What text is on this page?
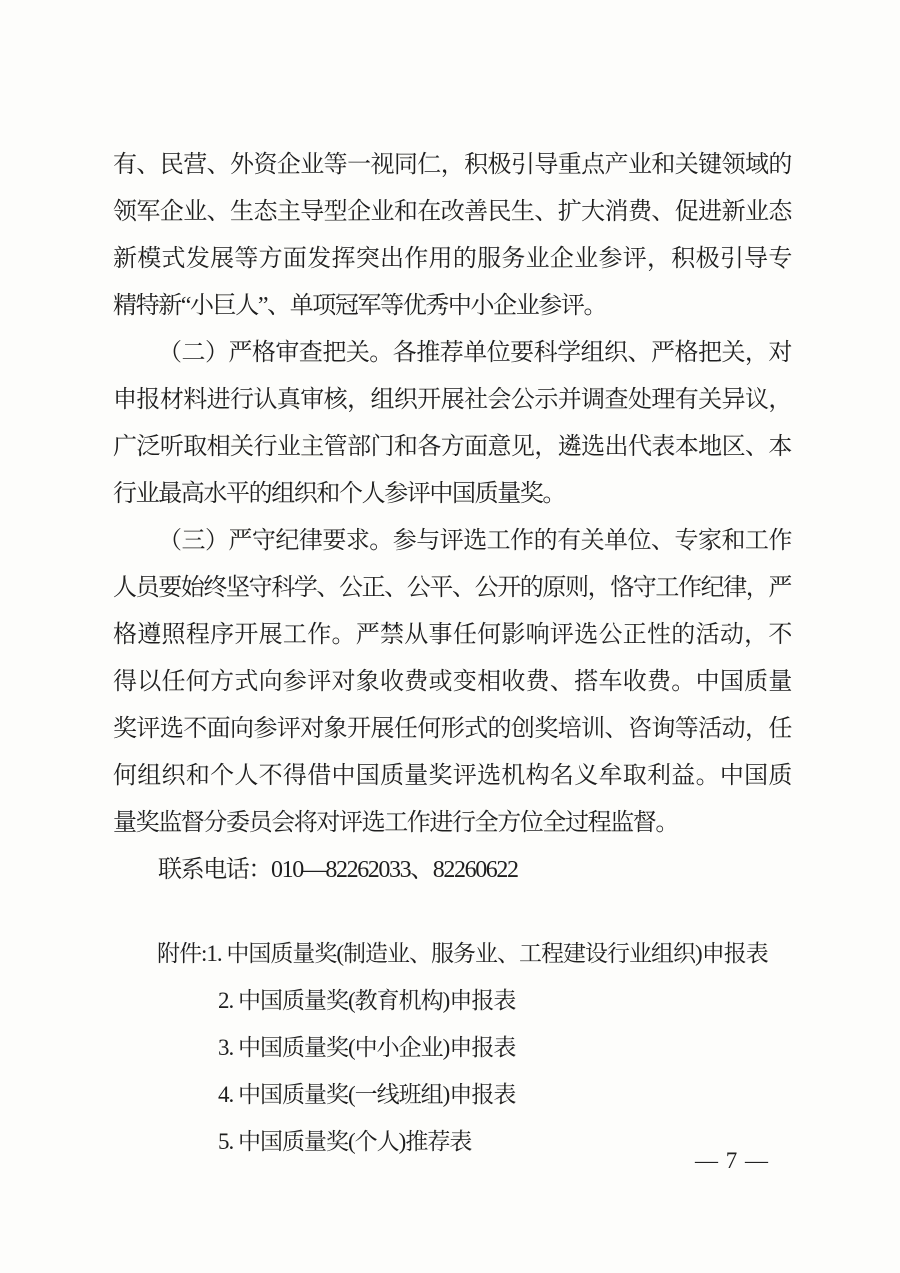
有、民营、外资企业等一视同仁，积极引导重点产业和关键领域的
领军企业、生态主导型企业和在改善民生、扩大消费、促进新业态
新模式发展等方面发挥突出作用的服务业企业参评，积极引导专
精特新“小巨人”、单项冠军等优秀中小企业参评。
（二）严格审查把关。各推荐单位要科学组织、严格把关，对
申报材料进行认真审核，组织开展社会公示并调查处理有关异议，
广泛听取相关行业主管部门和各方面意见，遴选出代表本地区、本
行业最高水平的组织和个人参评中国质量奖。
（三）严守纪律要求。参与评选工作的有关单位、专家和工作
人员要始终坚守科学、公正、公平、公开的原则，恪守工作纪律，严
格遵照程序开展工作。严禁从事任何影响评选公正性的活动，不
得以任何方式向参评对象收费或变相收费、搭车收费。中国质量
奖评选不面向参评对象开展任何形式的创奖培训、咨询等活动，任
何组织和个人不得借中国质量奖评选机构名义牟取利益。中国质
量奖监督分委员会将对评选工作进行全方位全过程监督。
联系电话：010—82262033、82260622
附件:1. 中国质量奖(制造业、服务业、工程建设行业组织)申报表
2. 中国质量奖(教育机构)申报表
3. 中国质量奖(中小企业)申报表
4. 中国质量奖(一线班组)申报表
5. 中国质量奖(个人)推荐表
— 7 —
